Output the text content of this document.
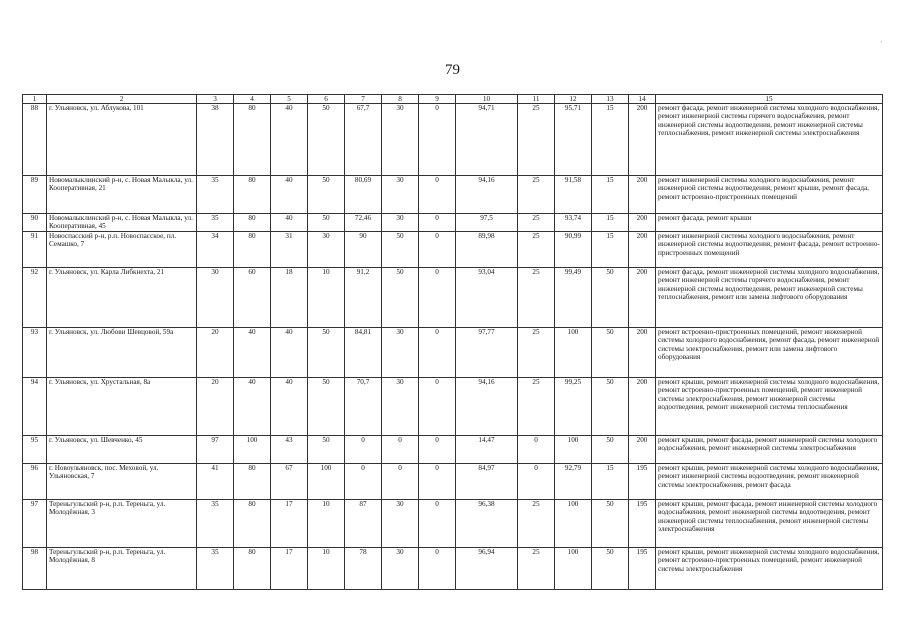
79
1	2	3	4	5	6	7	8	9	10	11	12	13	14	15
88	г. Ульяновск, ул. Аблукова, 101	38	80	40	50	67,7	30	0	94,71	25	95,71	15	200	ремонт фасада, ремонт инженерной системы холодного водоснабжения, ремонт инженерной системы горячего водоснабжения, ремонт инженерной системы водоотведения, ремонт инженерной системы теплоснабжения, ремонт инженерной системы электроснабжения
89	Новомалыклинский р-н, с. Новая Малыкла, ул. Кооперативная, 21	35	80	40	50	80,69	30	0	94,16	25	91,58	15	200	ремонт инженерной системы холодного водоснабжения, ремонт инженерной системы водоотведения, ремонт крыши, ремонт фасада, ремонт встроенно-пристроенных помещений
90	Новомалыклинский р-н, с. Новая Малыкла, ул. Кооперативная, 45	35	80	40	50	72,46	30	0	97,5	25	93,74	15	200	ремонт фасада, ремонт крыши
91	Новоспасский р-н, р.п. Новоспасское, пл. Семашко, 7	34	80	31	30	90	50	0	89,98	25	90,99	15	200	ремонт инженерной системы холодного водоснабжения, ремонт инженерной системы водоотведения, ремонт фасада, ремонт встроенно-пристроенных помещений
92	г. Ульяновск, ул. Карла Либкнехта, 21	30	60	18	10	91,2	50	0	93,04	25	99,49	50	200	ремонт фасада, ремонт инженерной системы холодного водоснабжения, ремонт инженерной системы горячего водоснабжения, ремонт инженерной системы водоотведения, ремонт инженерной системы теплоснабжения, ремонт или замена лифтового оборудования
93	г. Ульяновск, ул. Любови Шевцовой, 59а	20	40	40	50	84,81	30	0	97,77	25	100	50	200	ремонт встроенно-пристроенных помещений, ремонт инженерной системы холодного водоснабжения, ремонт фасада, ремонт инженерной системы электроснабжения, ремонт или замена лифтового оборудования
94	г. Ульяновск, ул. Хрустальная, 8а	20	40	40	50	70,7	30	0	94,16	25	99,25	50	200	ремонт крыши, ремонт инженерной системы холодного водоснабжения, ремонт встроенно-пристроенных помещений, ремонт инженерной системы электроснабжения, ремонт инженерной системы водоотведения, ремонт инженерной системы теплоснабжения
95	г. Ульяновск, ул. Шевченко, 45	97	100	43	50	0	0	0	14,47	0	100	50	200	ремонт крыши, ремонт фасада, ремонт инженерной системы холодного водоснабжения, ремонт инженерной системы электроснабжения
96	г. Новоульяновск, пос. Меховой, ул. Ульяновская, 7	41	80	67	100	0	0	0	84,97	0	92,79	15	195	ремонт крыши, ремонт инженерной системы холодного водоснабжения, ремонт инженерной системы водоотведения, ремонт инженерной системы электроснабжения, ремонт фасада
97	Тереньгульский р-н, р.п. Тереньга, ул. Молодёжная, 3	35	80	17	10	87	30	0	96,38	25	100	50	195	ремонт крыши, ремонт фасада, ремонт инженерной системы холодного водоснабжения, ремонт инженерной системы водоотведения, ремонт инженерной системы теплоснабжения, ремонт инженерной системы электроснабжения
98	Тереньгульский р-н, р.п. Тереньга, ул. Молодёжная, 8	35	80	17	10	78	30	0	96,94	25	100	50	195	ремонт крыши, ремонт инженерной системы холодного водоснабжения, ремонт встроенно-пристроенных помещений, ремонт инженерной системы электроснабжения
·
